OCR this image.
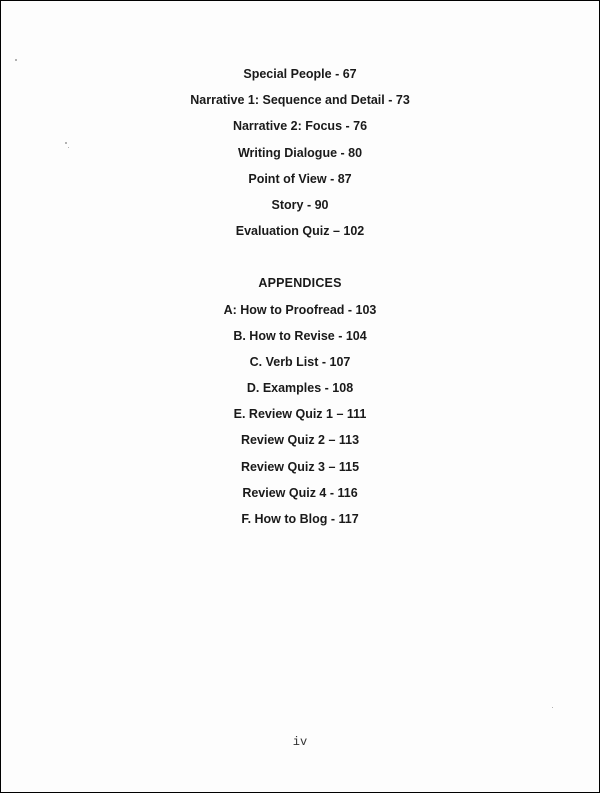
Special People - 67
Narrative 1: Sequence and Detail - 73
Narrative 2: Focus - 76
Writing Dialogue - 80
Point of View - 87
Story - 90
Evaluation Quiz – 102
APPENDICES
A: How to Proofread - 103
B. How to Revise - 104
C. Verb List - 107
D. Examples - 108
E. Review Quiz 1 – 111
Review Quiz 2 – 113
Review Quiz 3 – 115
Review Quiz 4 - 116
F. How to Blog - 117
iv
